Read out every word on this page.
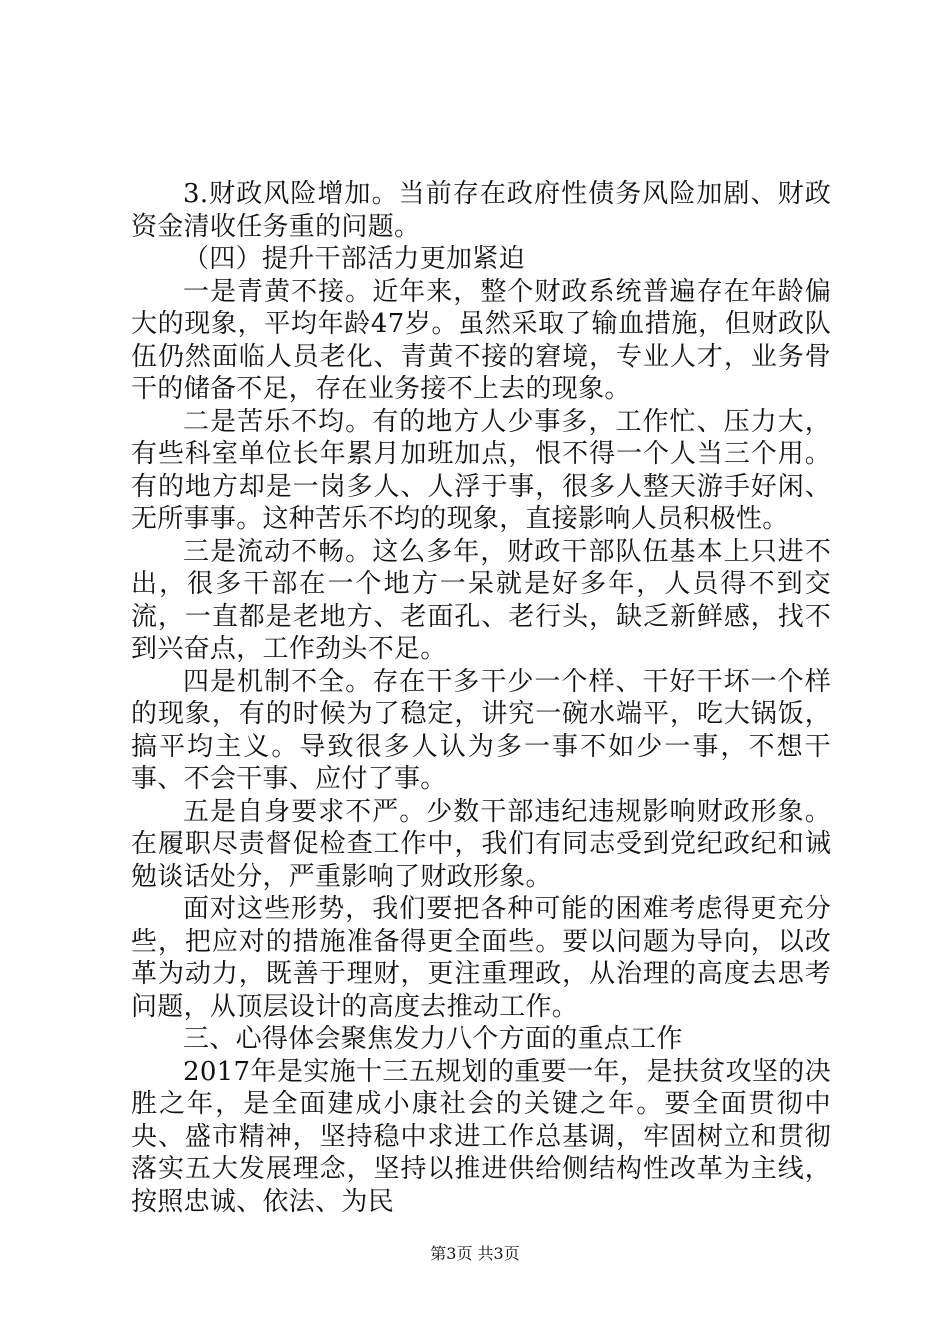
3.财政风险增加。当前存在政府性债务风险加剧、财政资金清收任务重的问题。

（四）提升干部活力更加紧迫

一是青黄不接。近年来，整个财政系统普遍存在年龄偏大的现象，平均年龄47岁。虽然采取了输血措施，但财政队伍仍然面临人员老化、青黄不接的窘境，专业人才，业务骨干的储备不足，存在业务接不上去的现象。

二是苦乐不均。有的地方人少事多，工作忙、压力大，有些科室单位长年累月加班加点，恨不得一个人当三个用。有的地方却是一岗多人、人浮于事，很多人整天游手好闲、无所事事。这种苦乐不均的现象，直接影响人员积极性。

三是流动不畅。这么多年，财政干部队伍基本上只进不出，很多干部在一个地方一呆就是好多年，人员得不到交流，一直都是老地方、老面孔、老行头，缺乏新鲜感，找不到兴奋点，工作劲头不足。

四是机制不全。存在干多干少一个样、干好干坏一个样的现象，有的时候为了稳定，讲究一碗水端平，吃大锅饭，搞平均主义。导致很多人认为多一事不如少一事，不想干事、不会干事、应付了事。

五是自身要求不严。少数干部违纪违规影响财政形象。在履职尽责督促检查工作中，我们有同志受到党纪政纪和诫勉谈话处分，严重影响了财政形象。

面对这些形势，我们要把各种可能的困难考虑得更充分些，把应对的措施准备得更全面些。要以问题为导向，以改革为动力，既善于理财，更注重理政，从治理的高度去思考问题，从顶层设计的高度去推动工作。

三、心得体会聚焦发力八个方面的重点工作

2017年是实施十三五规划的重要一年，是扶贫攻坚的决胜之年，是全面建成小康社会的关键之年。要全面贯彻中央、盛市精神，坚持稳中求进工作总基调，牢固树立和贯彻落实五大发展理念，坚持以推进供给侧结构性改革为主线，按照忠诚、依法、为民

第3页 共3页
